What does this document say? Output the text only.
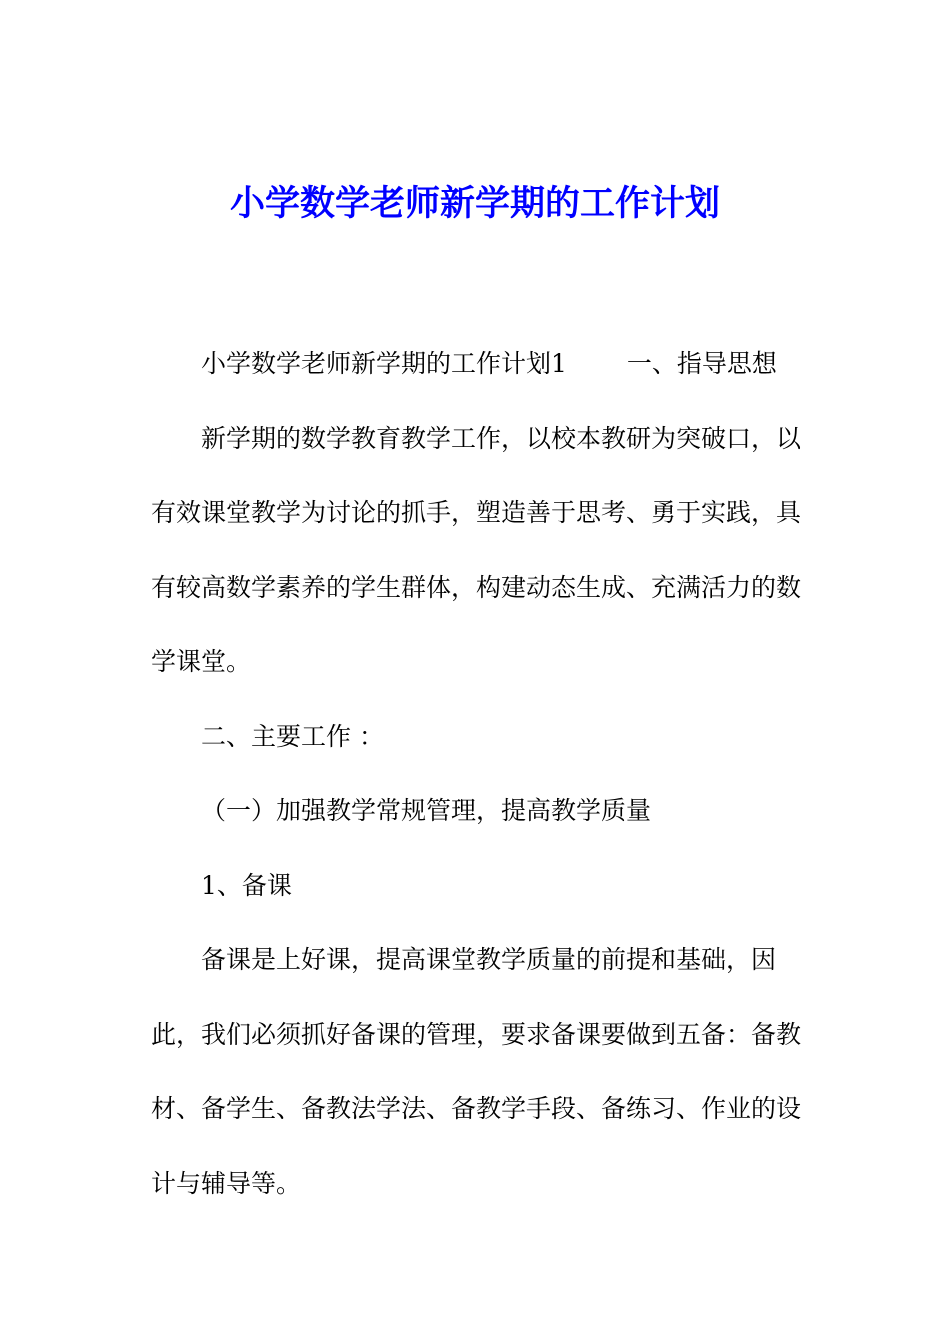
小学数学老师新学期的工作计划

小学数学老师新学期的工作计划1 一、指导思想

新学期的数学教育教学工作，以校本教研为突破口，以有效课堂教学为讨论的抓手，塑造善于思考、勇于实践，具有较高数学素养的学生群体，构建动态生成、充满活力的数学课堂。

二、主要工作 ：

（一）加强教学常规管理，提高教学质量

1、备课

备课是上好课，提高课堂教学质量的前提和基础，因此，我们必须抓好备课的管理，要求备课要做到五备：备教材、备学生、备教法学法、备教学手段、备练习、作业的设计与辅导等。
